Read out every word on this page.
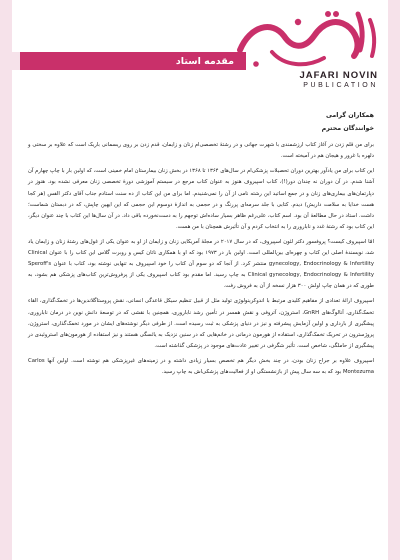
مقدمه استاد
JAFARI NOVIN
PUBLICATION

همکاران گرامی

خوانندگان محترم

برای من قلم زدن در آغاز کتاب ارزشمندی با شهرت جهانی و در رشتهٔ تخصصی‌ام زنان و زایمان، قدم زدن بر روی ریسمانی باریک است که علاوه بر سختی و دلهره با غرور و هیجان هم در آمیخته است.

این کتاب برای من یادآور بهترین دوران تحصیلات پزشکی‌ام در سال‌های ۱۳۶۴ تا ۱۳۶۸ در بخش زنان بیمارستان امام خمینی است، که اولین بار با چاپ چهارم آن آشنا شدم. در آن دوران نه چندان دور(!)، کتاب اسپیروف هنوز به عنوان کتاب مرجع در سیستم آموزشی دورهٔ تخصصی زنان معرفی نشده بود. هنوز در دپارتمان‌های بیماری‌های زنان و در جمع اساتید این رشته نامی از آن را نمی‌شنیدم. اما برای من این کتاب از ده سنت استادم جناب آقای دکتر الفس (هر کجا هست خدایا به سلامت داریش) دیدم. کتابی با جلد سرمه‌ای پررنگ و در حجمی به اندازهٔ دوسوم این حجمی که این ایهین چاپش، که در دبستان شماست؛ داشت. استاد در حال مطالعهٔ آن بود. اسم کتاب، علی‌رغم ظاهر بسیار ساده‌اش توجهم را به دست‌نخورده باقی داد. در آن سال‌ها این کتاب با چند عنوان دیگر، این کتاب بود که رشتهٔ غدد و ناباروری را به انتخاب کردم و آن تأثیرش همچنان با من هست.

امّا اسپیروف کیست؟ پروفسور دکتر لئون اسپیروف، که در سال ۲۰۱۷ در مجلهٔ آمریکایی زنان و زایمان از او به عنوان یکی از غول‌های رشتهٔ زنان و زایمان یاد شد، نویسندهٔ اصلی این کتاب و چهره‌ای بین‌المللی است. اولین بار در ۱۹۷۳ بود که او با همکاری ناتان کیس و روبرت گلاس این کتاب را با عنوان Clinical gynecology, Endocrinology & Infertility منتشر کرد. از آنجا که دو سوم آن کتاب را خود اسپیروف به تنهایی نوشته بود، کتاب با عنوان Speroff's Clinical gynecology, Endocrinology & Infertility به چاپ رسید. اما مقدم بود کتاب اسپیروف یکی از پرفروش‌ترین کتاب‌های پزشکی هم بشود، به طوری که در همان چاپ اولش ۳۰۰ هزار نسخه از آن به فروش رفت.

اسپیروف ارائهٔ تعدادی از مفاهیم کلیدی مرتبط با اندوکرینولوژی تولید مثل از قبیل تنظیم سیکل قاعدگی انسانی، نقش پروستاگلاندین‌ها در تخمک‌گذاری، القاء تخمک‌گذاری، آنالوگ‌های GnRH، استروژن، آتروفی و نقش همسر در تأمین رشد ناباروری، همچنین با نقشی که در توسعهٔ دانش نوین در درمان ناباروری، پیشگیری از بارداری و اولین آزمایش پیشرفته و نیز در دنیای پزشکی به ثبت رسیده است. از طرفی دیگر نوشته‌های ایشان در مورد تخمک‌گذاری، استروژن، پروژسترون در تحریک تخمک‌گذاری، استفاده از هورمون درمانی در خانم‌هایی که در سنین نزدیک به یائسگی هستند و نیز استفاده از هورمون‌های استروئیدی در پیشگیری از حاملگی، شاخص است. تأثیر شگرفی در تغییر عادت‌های موجود در پزشکی گذاشته است.

اسپیروف علاوه بر جراح زنان بودن، در چند بخش دیگر هم تخصص بسیار زیادی داشته و در زمینه‌های غیرپزشکی هم نوشته است. اولین آنها Carlos Montezuma بود که به سه سال پیش از بازنشستگی او از فعالیت‌های پزشکی‌اش به چاپ رسید.
